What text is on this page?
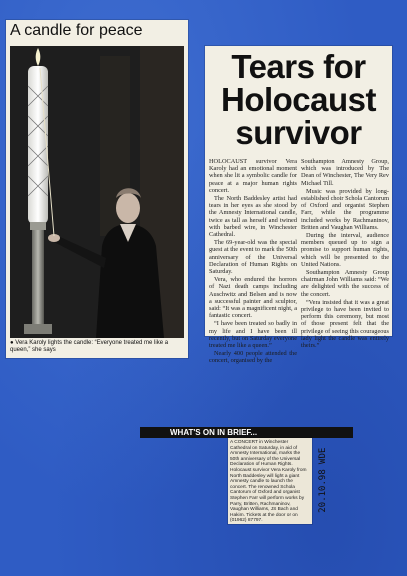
A candle for peace
● Vera Karoly lights the candle: “Everyone treated me like a queen,” she says
Tears for
Holocaust
survivor

HOLOCAUST survivor Vera Karoly had an emotional moment when she lit a symbolic candle for peace at a major human rights concert.

The North Baddesley artist had tears in her eyes as she stood by the Amnesty International candle, twice as tall as herself and twined with barbed wire, in Winchester Cathedral.

The 69-year-old was the special guest at the event to mark the 50th anniversary of the Universal Declaration of Human Rights on Saturday.

Vera, who endured the horrors of Nazi death camps including Auschwitz and Belsen and is now a successful painter and sculptor, said: “It was a magnificent night, a fantastic concert.

“I have been treated so badly in my life and I have been ill recently, but on Saturday everyone treated me like a queen.”

Nearly 400 people attended the concert, organised by the

Southampton Amnesty Group, which was introduced by The Dean of Winchester, The Very Rev Michael Till.

Music was provided by long-established choir Schola Cantorum of Oxford and organist Stephen Farr, while the programme included works by Rachmaninov, Britten and Vaughan Williams.

During the interval, audience members queued up to sign a promise to support human rights, which will be presented to the United Nations.

Southampton Amnesty Group chairman John Williams said: “We are delighted with the success of the concert.

“Vera insisted that it was a great privilege to have been invited to perform this ceremony, but most of those present felt that the privilege of seeing this courageous lady light the candle was entirely theirs.”

WHAT'S ON IN BRIEF...
A CONCERT in Winchester Cathedral on Saturday, in aid of Amnesty International, marks the 50th anniversary of the Universal Declaration of Human Rights. Holocaust survivor Vera Karoly from North Baddesley will light a giant Amnesty candle to launch the concert. The renowned Schola Cantorum of Oxford and organist Stephen Farr will perform works by Parry, Britten, Rachmaninov, Vaughan Williams, JS Bach and Hakim. Tickets at the door or on (01962) 87797.
20.10.98 WDE
